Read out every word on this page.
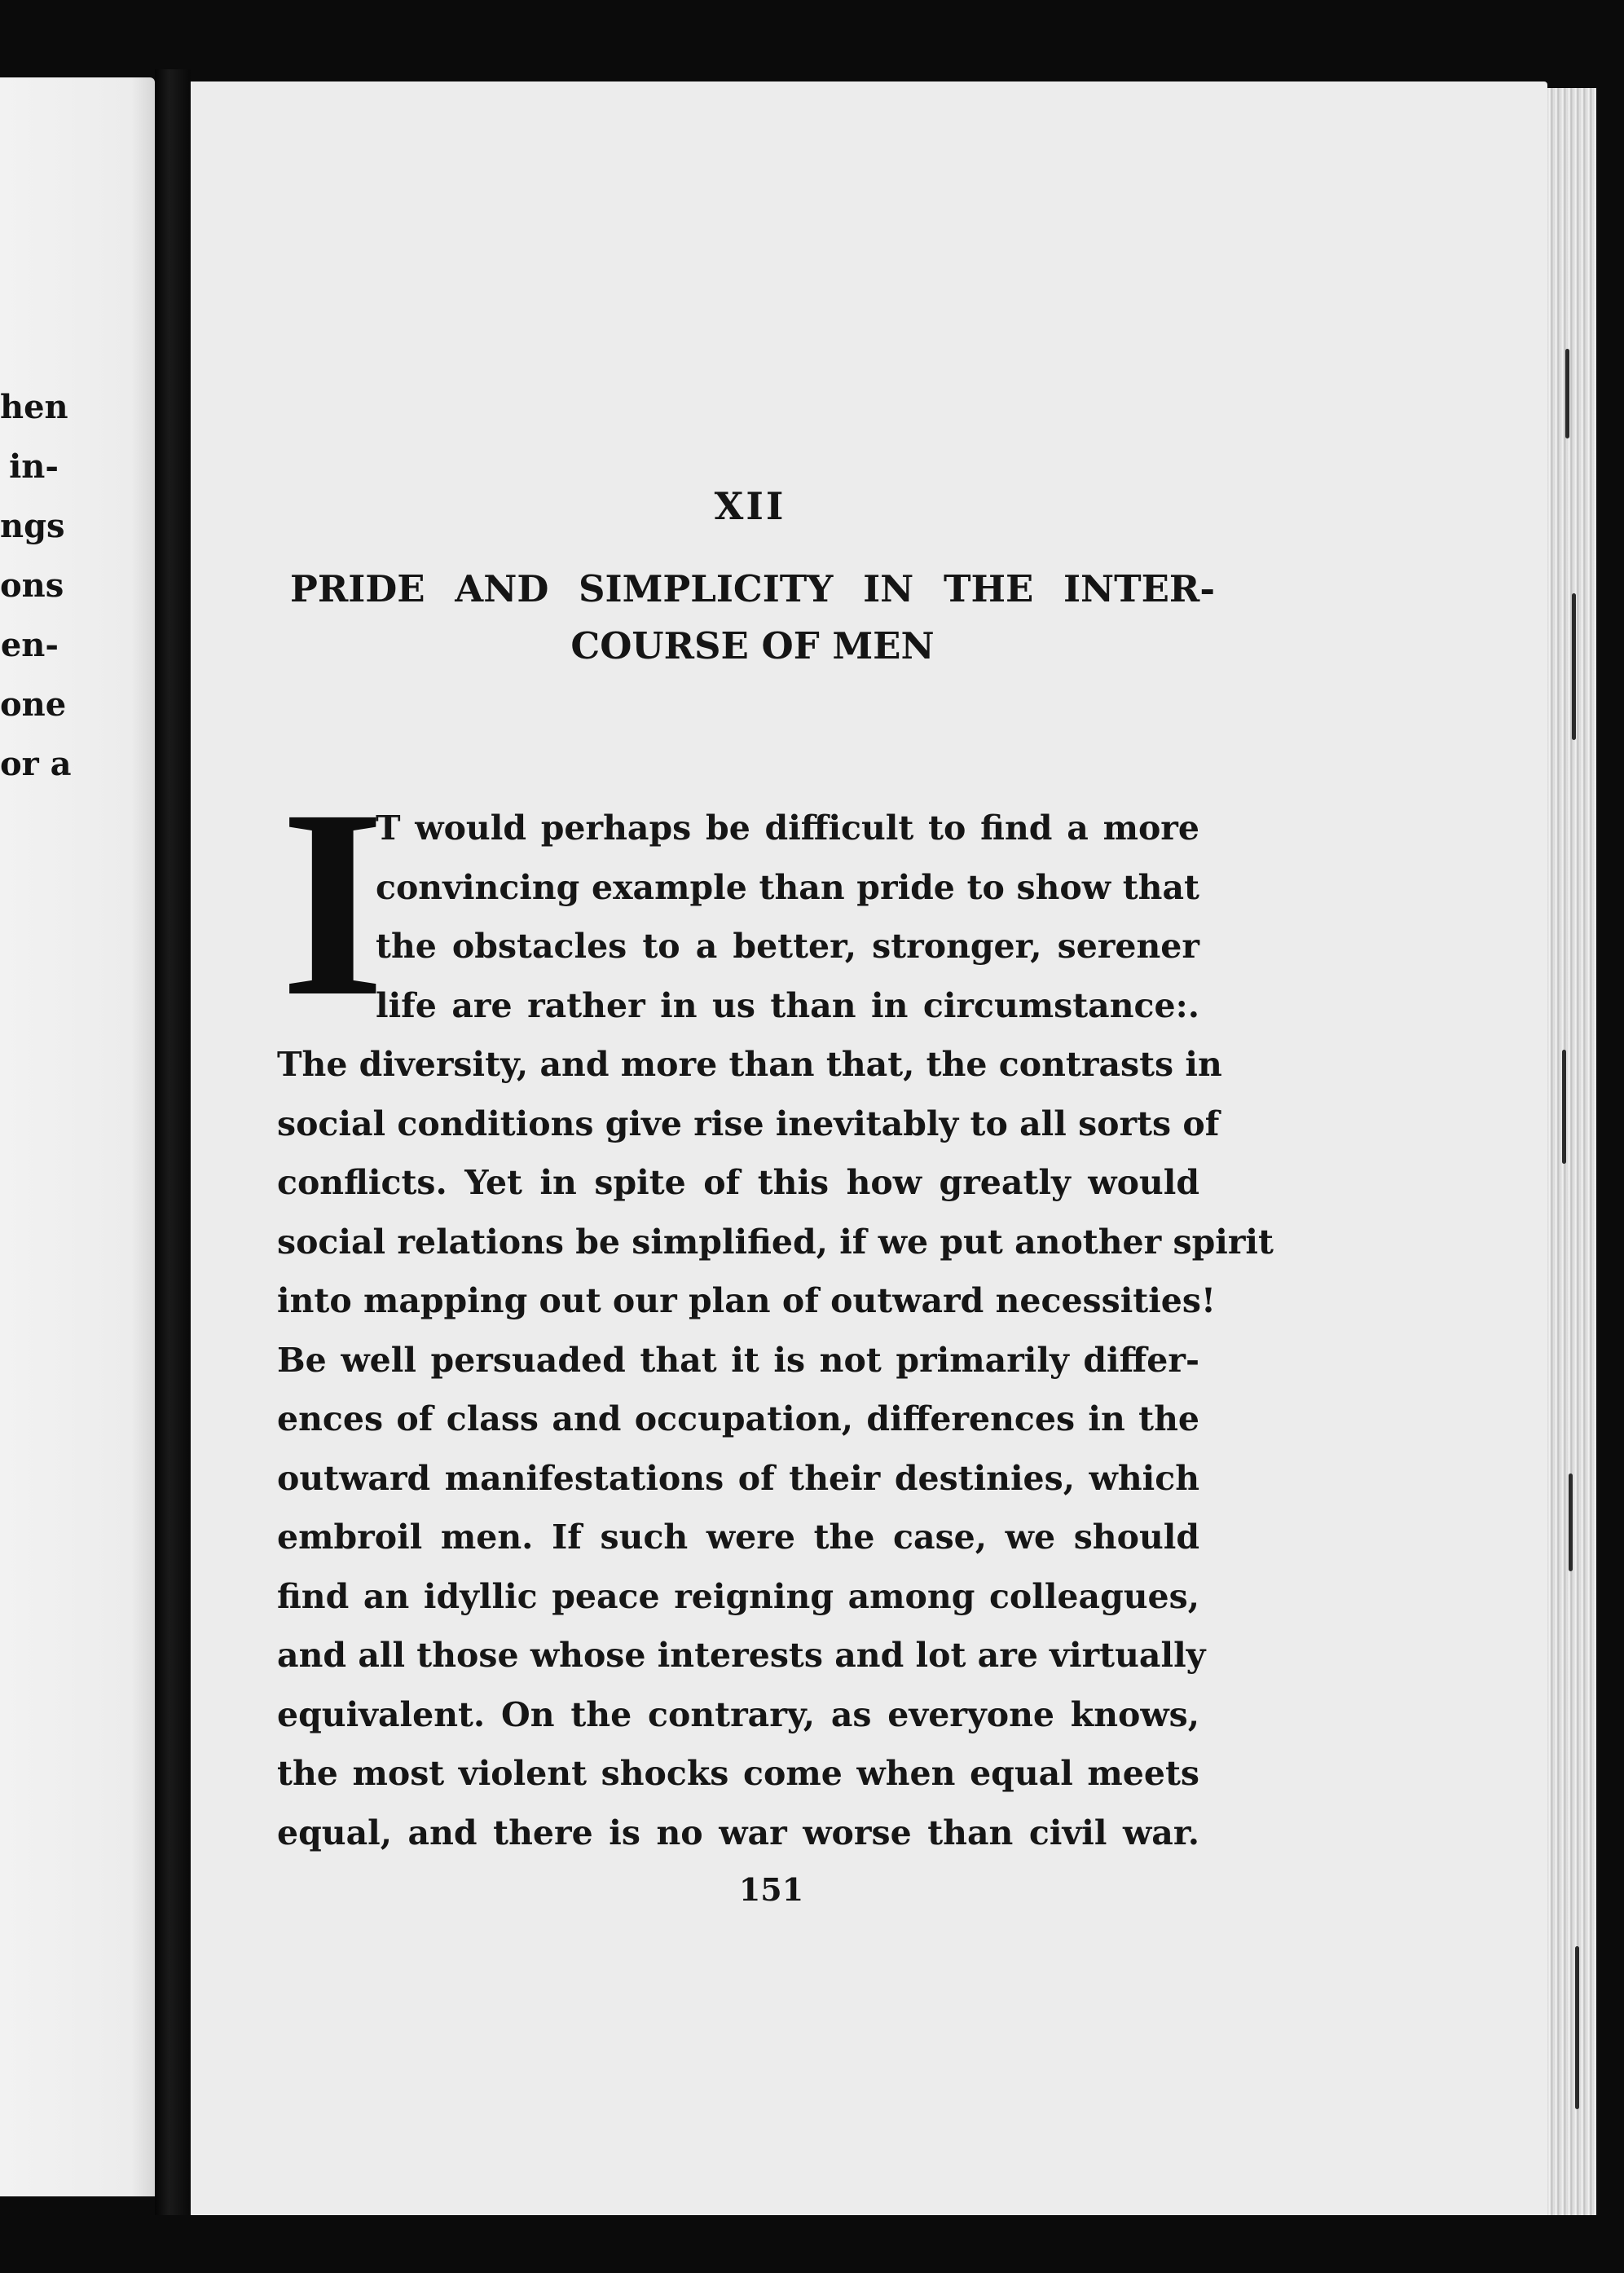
hen
in-
ngs
ons
en-
one
or a
XII
PRIDE AND SIMPLICITY IN THE INTER-
COURSE OF MEN
I
T would perhaps be difficult to find a more
convincing example than pride to show that
the obstacles to a better, stronger, serener
life are rather in us than in circumstance:.
The diversity, and more than that, the contrasts in
social conditions give rise inevitably to all sorts of
conflicts. Yet in spite of this how greatly would
social relations be simplified, if we put another spirit
into mapping out our plan of outward necessities!
Be well persuaded that it is not primarily differ-
ences of class and occupation, differences in the
outward manifestations of their destinies, which
embroil men. If such were the case, we should
find an idyllic peace reigning among colleagues,
and all those whose interests and lot are virtually
equivalent. On the contrary, as everyone knows,
the most violent shocks come when equal meets
equal, and there is no war worse than civil war.
151
